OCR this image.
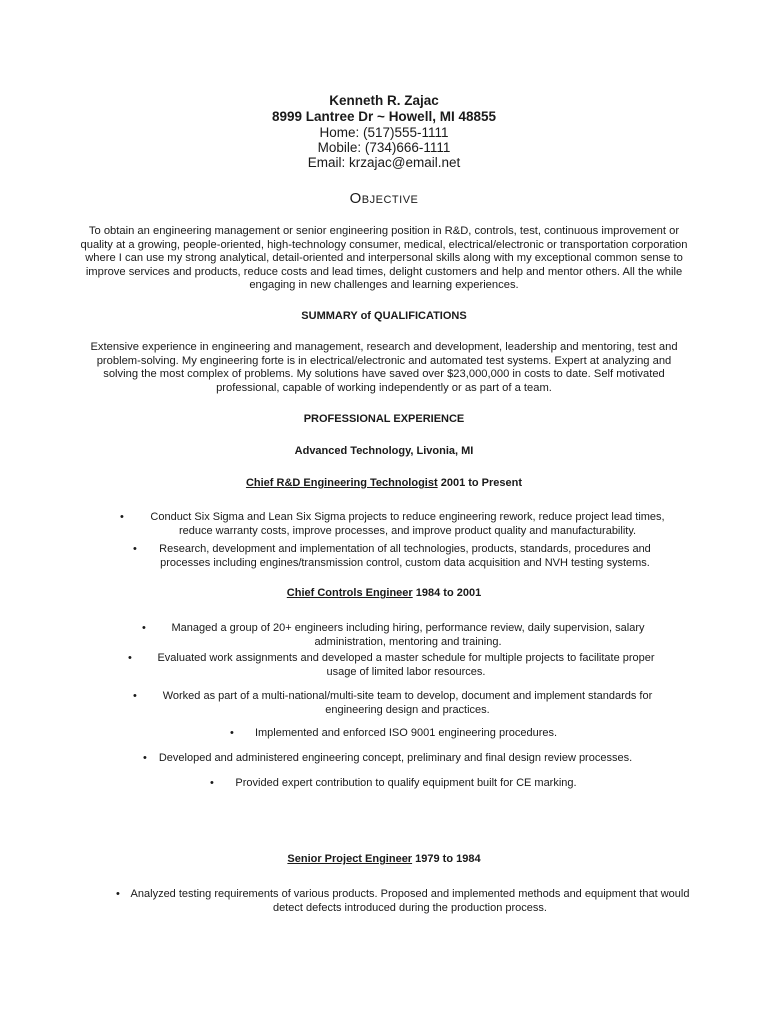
Kenneth R. Zajac
8999 Lantree Dr ~ Howell, MI 48855
Home: (517)555-1111
Mobile: (734)666-1111
Email: krzajac@email.net
OBJECTIVE
To obtain an engineering management or senior engineering position in R&D, controls, test, continuous improvement or quality at a growing, people-oriented, high-technology consumer, medical, electrical/electronic or transportation corporation where I can use my strong analytical, detail-oriented and interpersonal skills along with my exceptional common sense to improve services and products, reduce costs and lead times, delight customers and help and mentor others. All the while engaging in new challenges and learning experiences.
SUMMARY of QUALIFICATIONS
Extensive experience in engineering and management, research and development, leadership and mentoring, test and problem-solving. My engineering forte is in electrical/electronic and automated test systems. Expert at analyzing and solving the most complex of problems. My solutions have saved over $23,000,000 in costs to date. Self motivated professional, capable of working independently or as part of a team.
PROFESSIONAL EXPERIENCE
Advanced Technology, Livonia, MI
Chief R&D Engineering Technologist 2001 to Present
•	Conduct Six Sigma and Lean Six Sigma projects to reduce engineering rework, reduce project lead times, reduce warranty costs, improve processes, and improve product quality and manufacturability.
•	Research, development and implementation of all technologies, products, standards, procedures and processes including engines/transmission control, custom data acquisition and NVH testing systems.
Chief Controls Engineer 1984 to 2001
•	Managed a group of 20+ engineers including hiring, performance review, daily supervision, salary administration, mentoring and training.
•	Evaluated work assignments and developed a master schedule for multiple projects to facilitate proper usage of limited labor resources.
•	Worked as part of a multi-national/multi-site team to develop, document and implement standards for engineering design and practices.
•	Implemented and enforced ISO 9001 engineering procedures.
• Developed and administered engineering concept, preliminary and final design review processes.
•	Provided expert contribution to qualify equipment built for CE marking.
Senior Project Engineer 1979 to 1984
• Analyzed testing requirements of various products. Proposed and implemented methods and equipment that would detect defects introduced during the production process.
